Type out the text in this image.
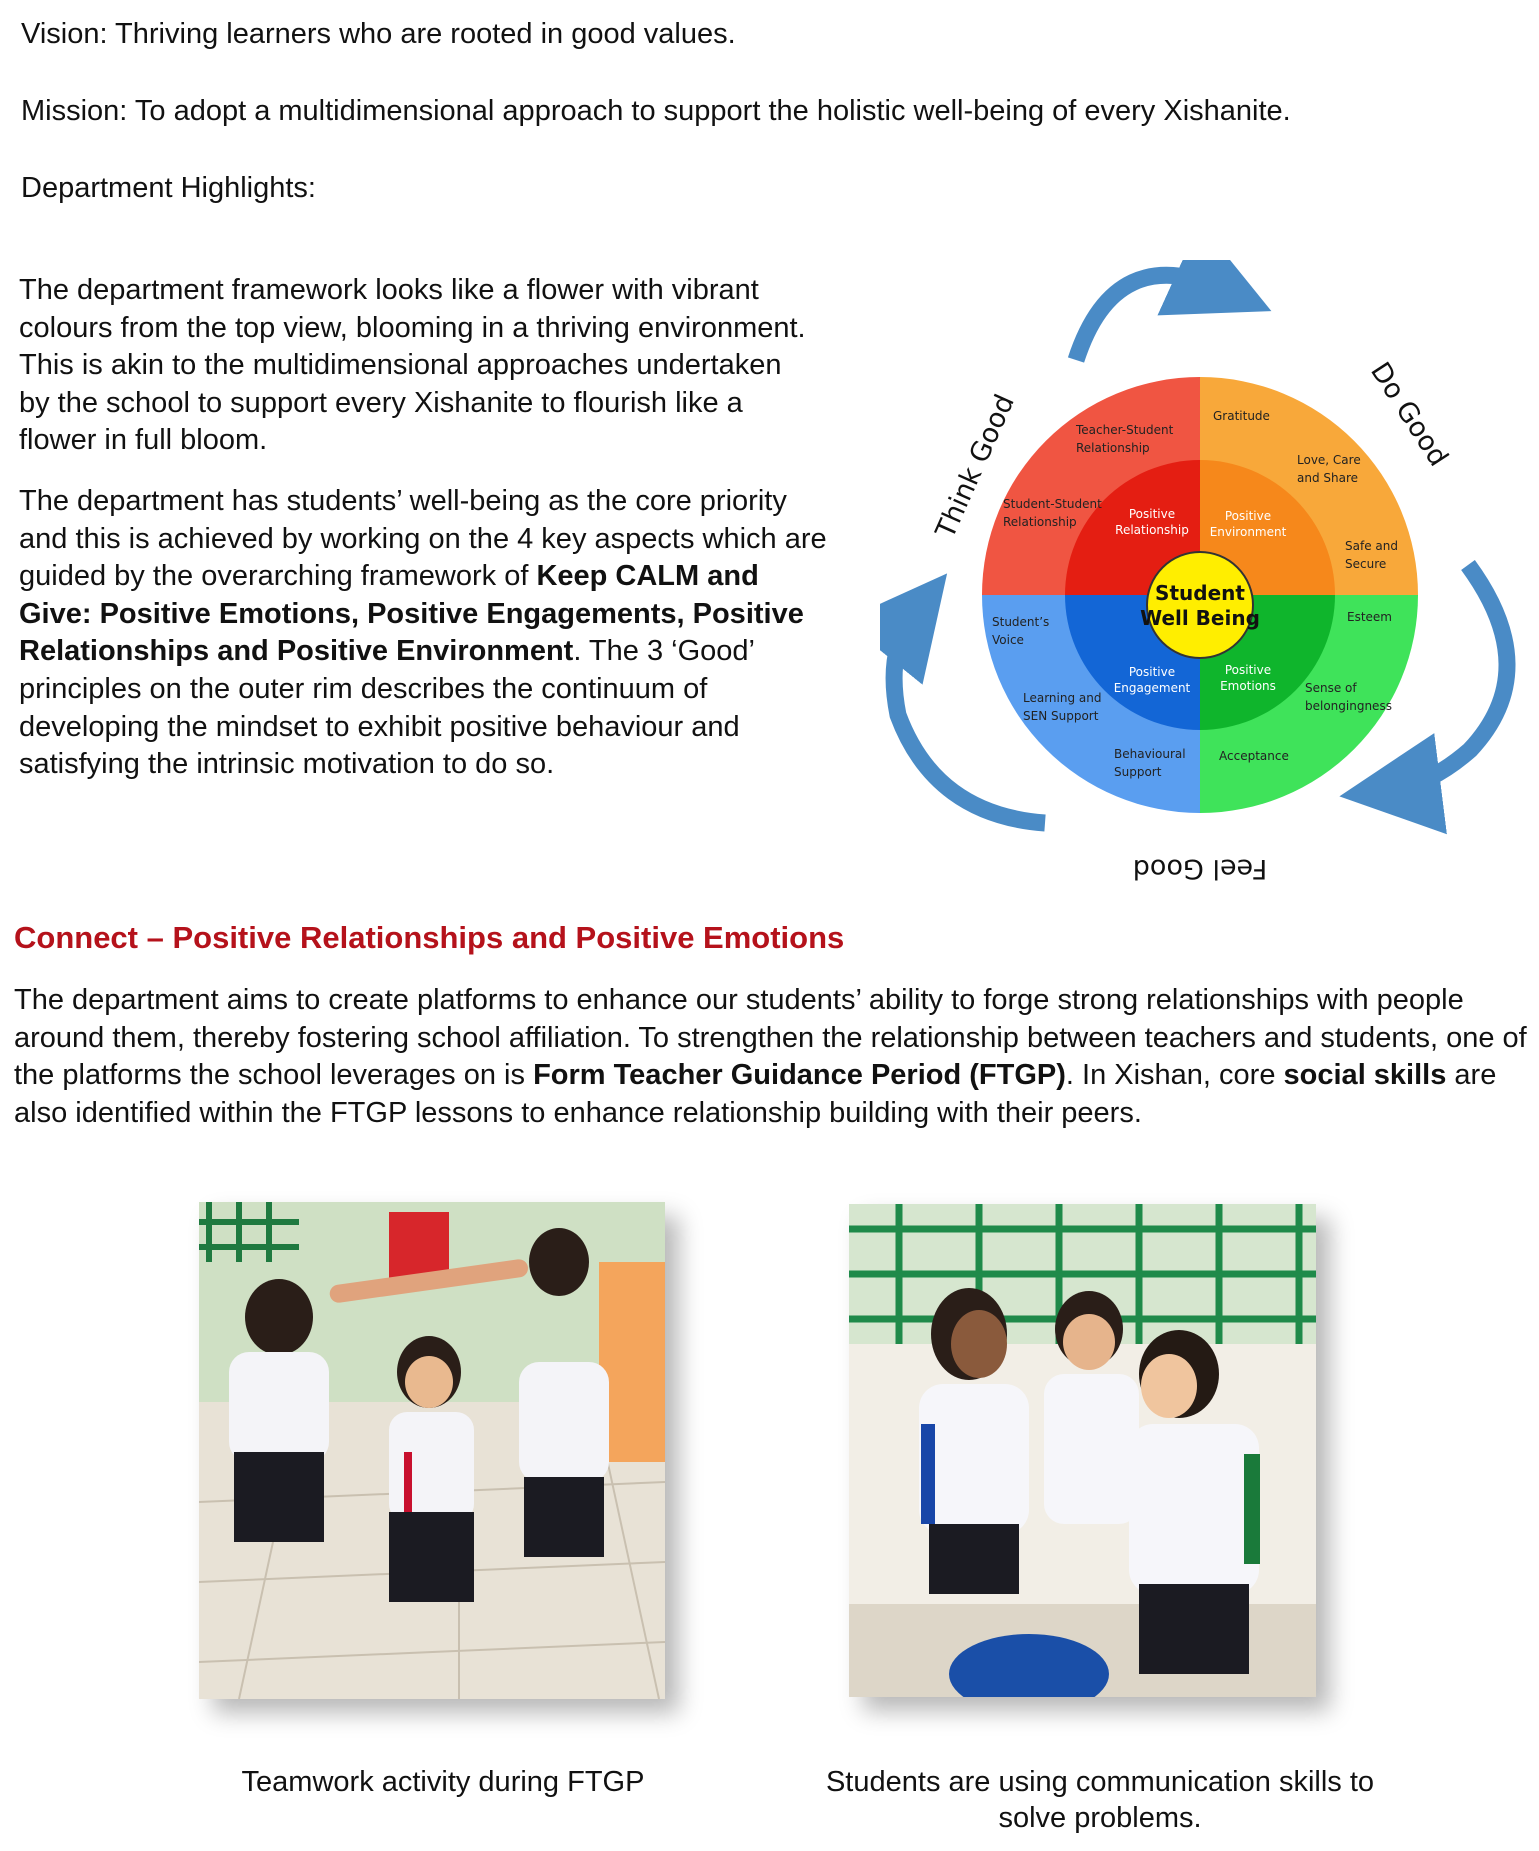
Vision: Thriving learners who are rooted in good values.
Mission: To adopt a multidimensional approach to support the holistic well-being of every Xishanite.
Department Highlights:
The department framework looks like a flower with vibrant colours from the top view, blooming in a thriving environment. This is akin to the multidimensional approaches undertaken by the school to support every Xishanite to flourish like a flower in full bloom.
The department has students’ well-being as the core priority and this is achieved by working on the 4 key aspects which are guided by the overarching framework of Keep CALM and Give: Positive Emotions, Positive Engagements, Positive Relationships and Positive Environment. The 3 ‘Good’ principles on the outer rim describes the continuum of developing the mindset to exhibit positive behaviour and satisfying the intrinsic motivation to do so.
Student
Well Being
Positive
Relationship
Positive
Environment
Positive
Engagement
Positive
Emotions
Teacher-Student
Relationship
Student-Student
Relationship
Gratitude
Love, Care
and Share
Safe and
Secure
Esteem
Student’s
Voice
Learning and
SEN Support
Sense of
belongingness
Behavioural
Support
Acceptance
Think Good	Do Good
Feel Good
Connect – Positive Relationships and Positive Emotions
The department aims to create platforms to enhance our students’ ability to forge strong relationships with people around them, thereby fostering school affiliation. To strengthen the relationship between teachers and students, one of the platforms the school leverages on is Form Teacher Guidance Period (FTGP). In Xishan, core social skills are also identified within the FTGP lessons to enhance relationship building with their peers.
Teamwork activity during FTGP	Students are using communication skills to solve problems.
